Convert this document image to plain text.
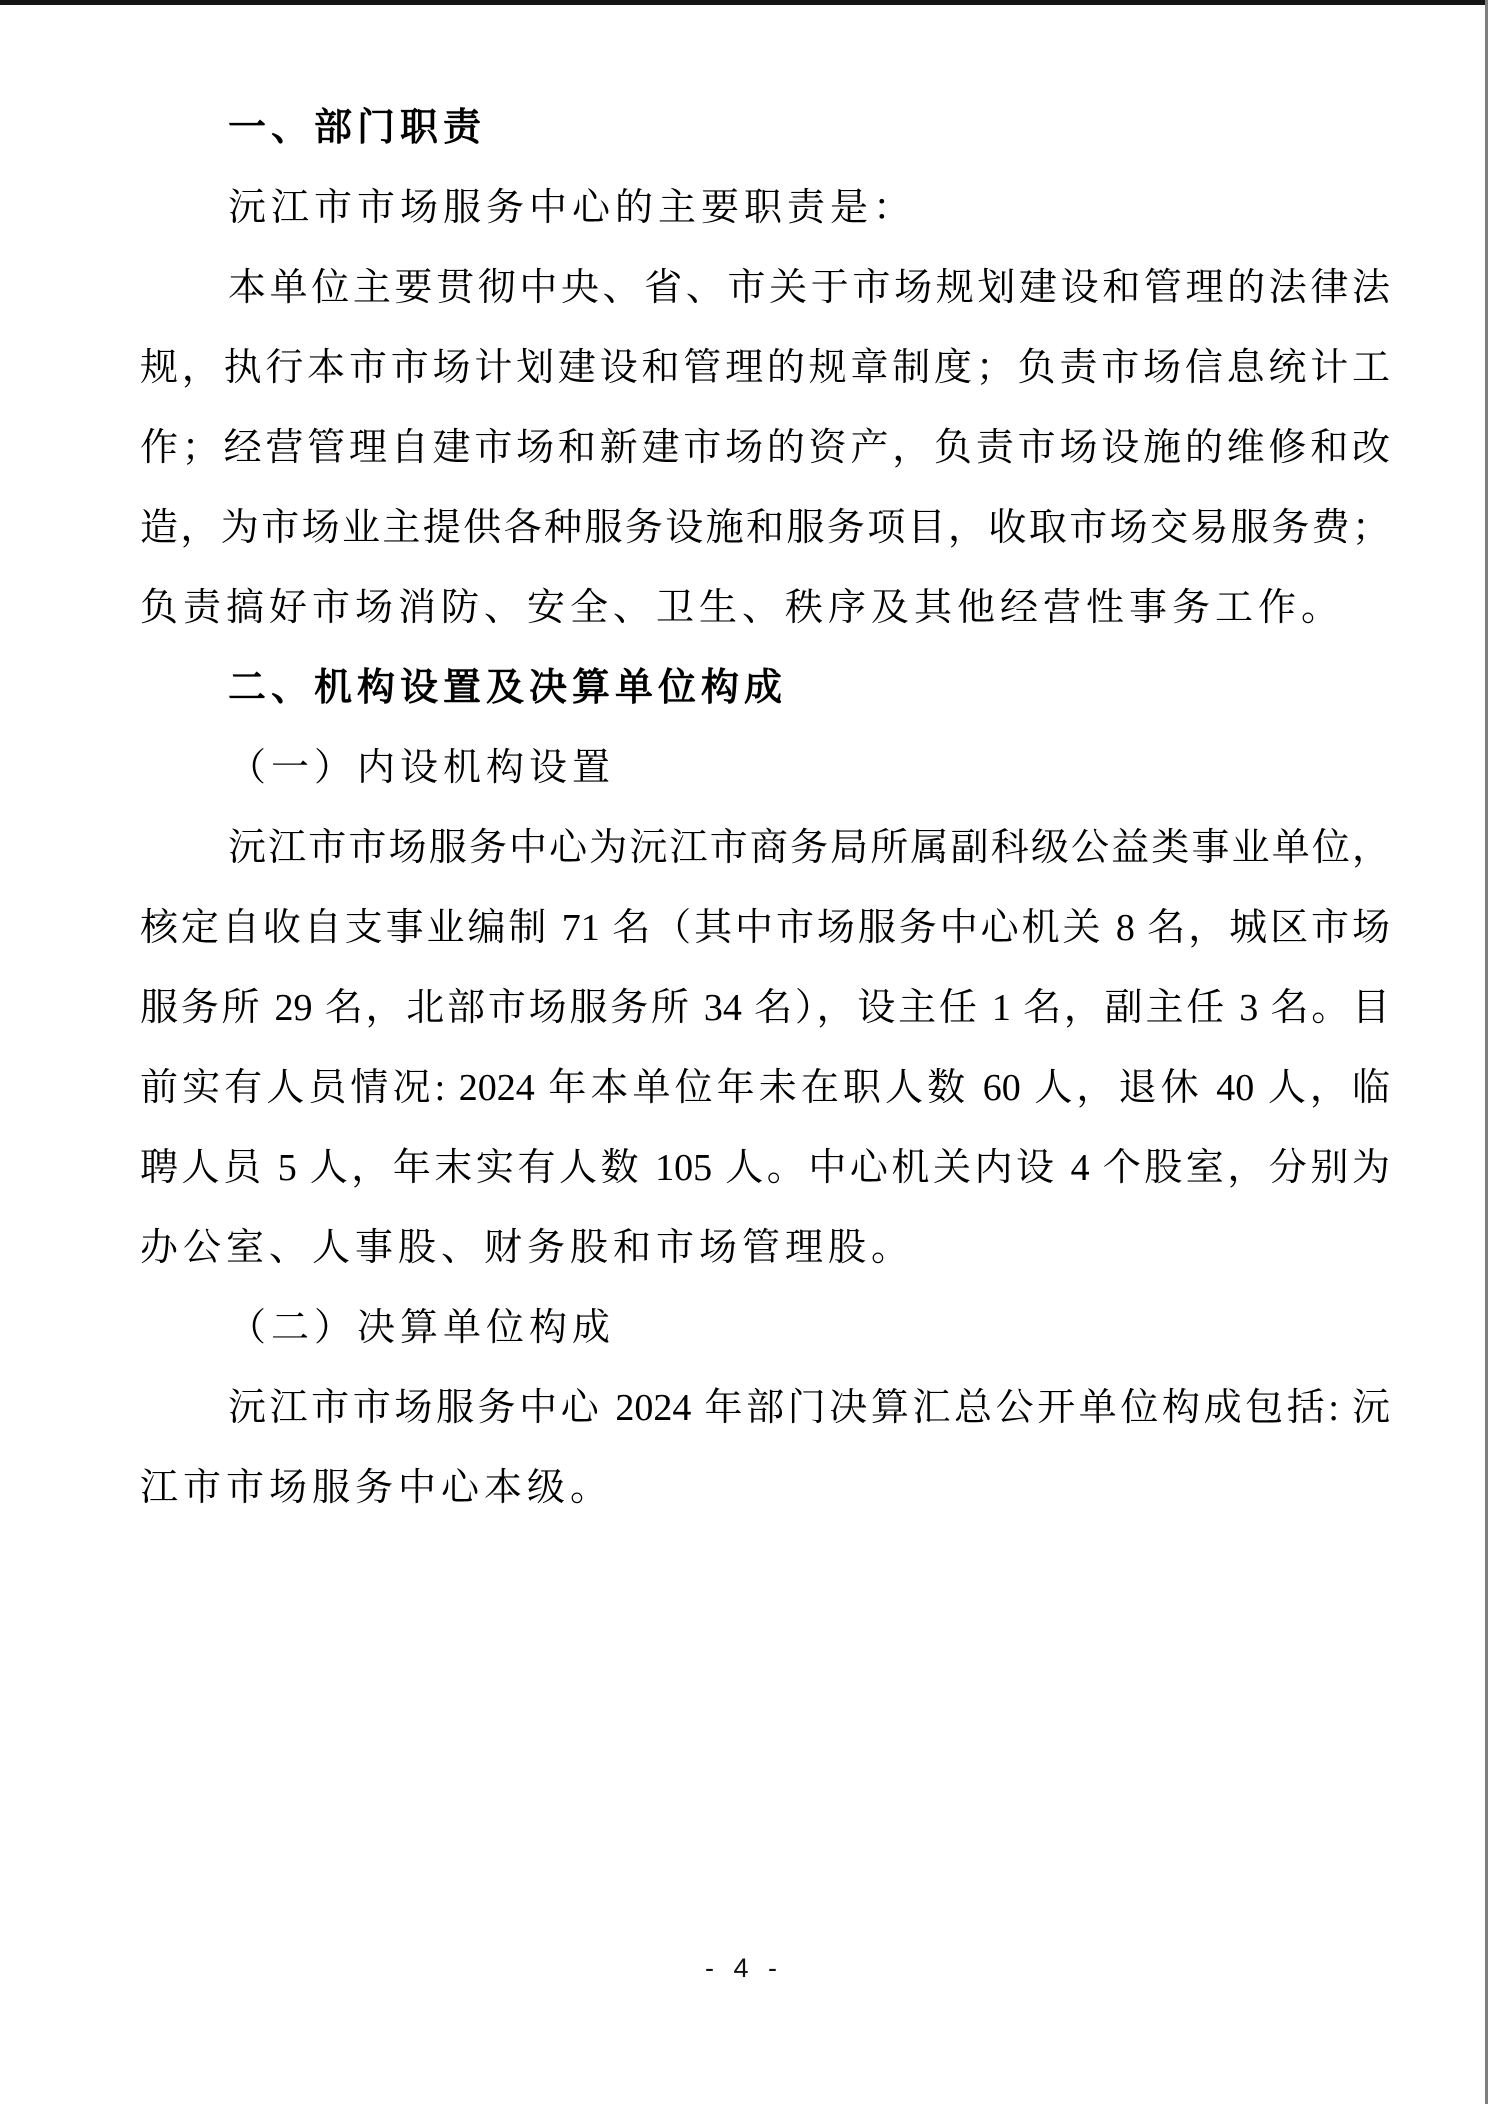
一、部门职责
沅江市市场服务中心的主要职责是：
本单位主要贯彻中央、省、市关于市场规划建设和管理的法律法
规，执行本市市场计划建设和管理的规章制度；负责市场信息统计工
作；经营管理自建市场和新建市场的资产，负责市场设施的维修和改
造，为市场业主提供各种服务设施和服务项目，收取市场交易服务费；
负责搞好市场消防、安全、卫生、秩序及其他经营性事务工作。
二、机构设置及决算单位构成
（一）内设机构设置
沅江市市场服务中心为沅江市商务局所属副科级公益类事业单位，
核定自收自支事业编制 71 名（其中市场服务中心机关 8 名，城区市场
服务所 29 名，北部市场服务所 34 名），设主任 1 名，副主任 3 名。目
前实有人员情况: 2024 年本单位年未在职人数 60 人，退休 40 人，临
聘人员 5 人，年末实有人数 105 人。中心机关内设 4 个股室，分别为
办公室、人事股、财务股和市场管理股。
（二）决算单位构成
沅江市市场服务中心 2024 年部门决算汇总公开单位构成包括: 沅
江市市场服务中心本级。
- 4 -
